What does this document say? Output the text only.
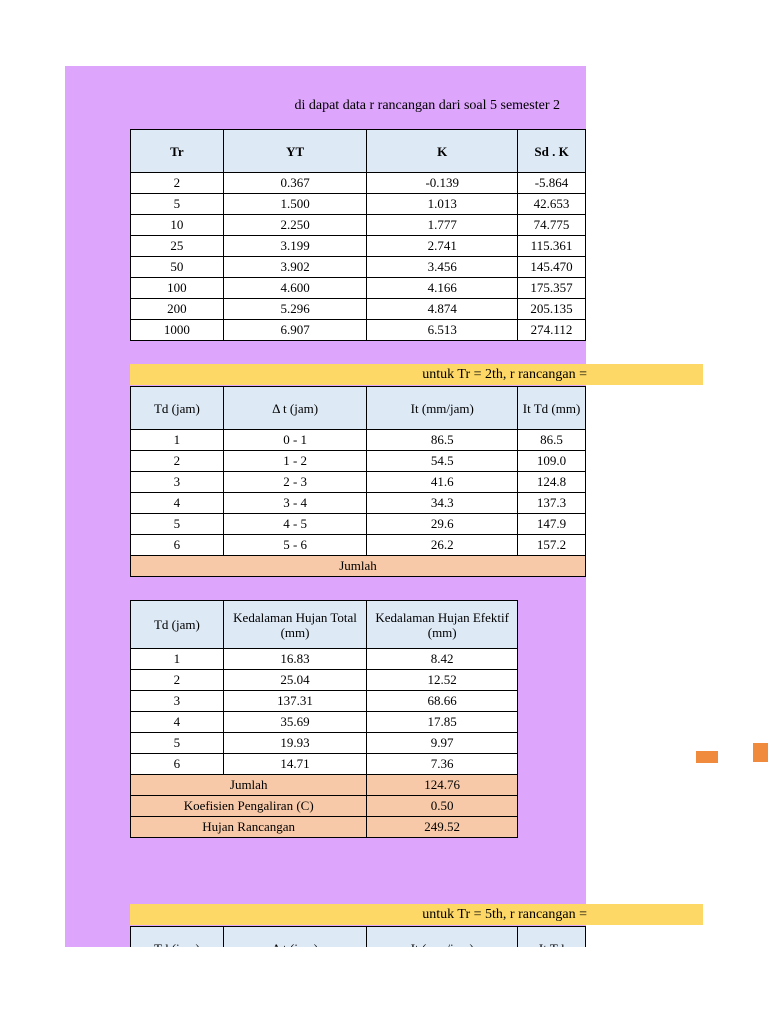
di dapat data r rancangan dari soal 5 semester 2
Tr	YT	K	Sd . K
2	0.367	-0.139	-5.864
5	1.500	1.013	42.653
10	2.250	1.777	74.775
25	3.199	2.741	115.361
50	3.902	3.456	145.470
100	4.600	4.166	175.357
200	5.296	4.874	205.135
1000	6.907	6.513	274.112
untuk Tr = 2th, r rancangan =
Td (jam)	Δ t (jam)	It (mm/jam)	It Td (mm)
1	0 - 1	86.5	86.5
2	1 - 2	54.5	109.0
3	2 - 3	41.6	124.8
4	3 - 4	34.3	137.3
5	4 - 5	29.6	147.9
6	5 - 6	26.2	157.2
Jumlah			
Td (jam)	Kedalaman Hujan Total (mm)	Kedalaman Hujan Efektif (mm)
1	16.83	8.42
2	25.04	12.52
3	137.31	68.66
4	35.69	17.85
5	19.93	9.97
6	14.71	7.36
Jumlah		124.76
Koefisien Pengaliran (C)		0.50
Hujan Rancangan		249.52
untuk Tr = 5th, r rancangan =
